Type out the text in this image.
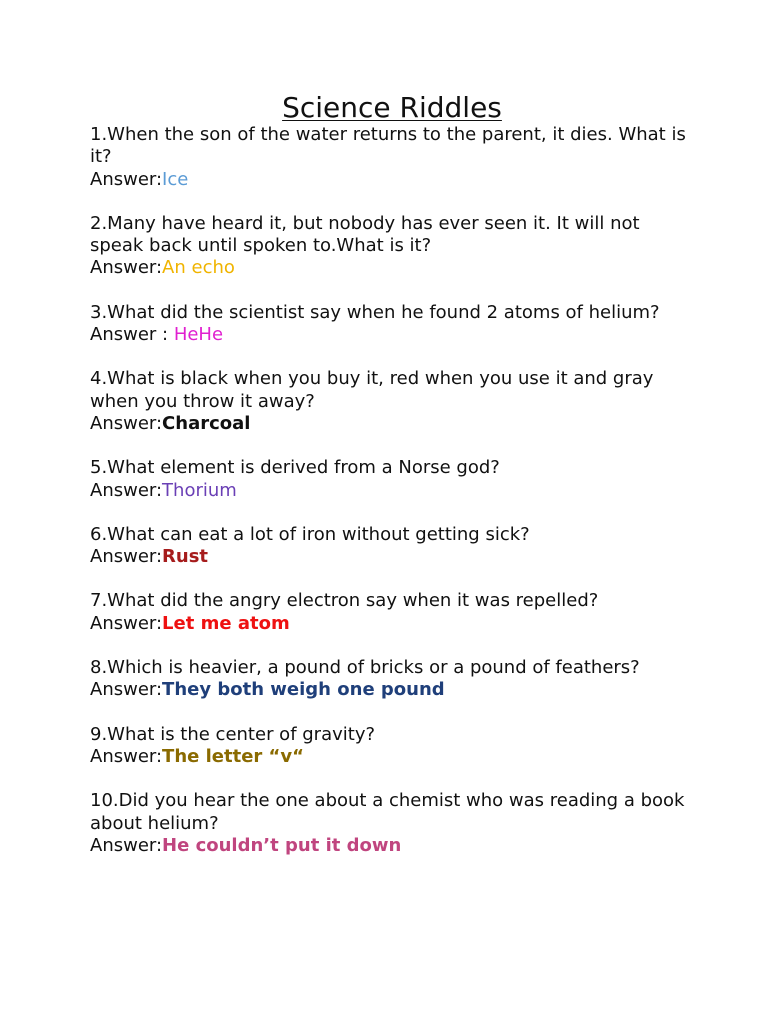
Science Riddles

1.When the son of the water returns to the parent, it dies. What is it?

Answer:Ice

2.Many have heard it, but nobody has ever seen it. It will not speak back until spoken to.What is it?

Answer:An echo

3.What did the scientist say when he found 2 atoms of helium?

Answer : HeHe

4.What is black when you buy it, red when you use it and gray when you throw it away?

Answer:Charcoal

5.What element is derived from a Norse god?

Answer:Thorium

6.What can eat a lot of iron without getting sick?

Answer:Rust

7.What did the angry electron say when it was repelled?

Answer:Let me atom

8.Which is heavier, a pound of bricks or a pound of feathers?

Answer:They both weigh one pound

9.What is the center of gravity?

Answer:The letter “v“

10.Did you hear the one about a chemist who was reading a book about helium?

Answer:He couldn’t put it down
